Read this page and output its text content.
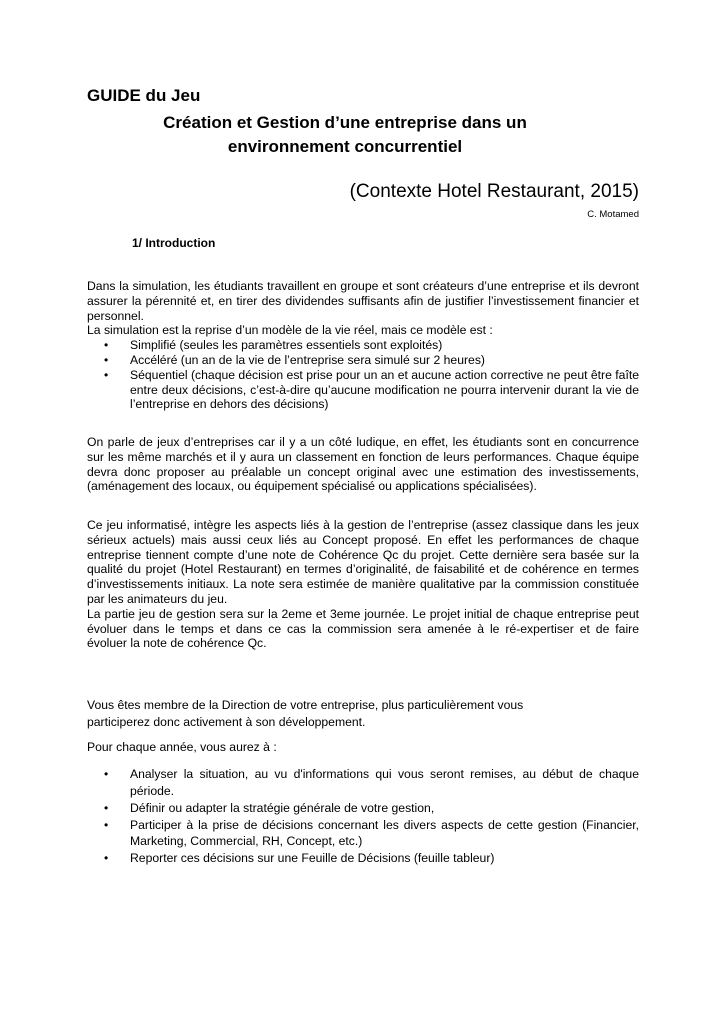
GUIDE du Jeu
Création et Gestion d’une entreprise dans un
environnement concurrentiel
(Contexte Hotel Restaurant, 2015)
C. Motamed
1/ Introduction

Dans la simulation, les étudiants travaillent en groupe et sont créateurs d’une entreprise et ils devront assurer la pérennité et, en tirer des dividendes suffisants afin de justifier l’investissement financier et personnel.

La simulation est la reprise d’un modèle de la vie réel, mais ce modèle est :

• Simplifié (seules les paramètres essentiels sont exploités)
• Accéléré (un an de la vie de l’entreprise sera simulé sur 2 heures)
• Séquentiel (chaque décision est prise pour un an et aucune action corrective ne peut être faîte entre deux décisions, c’est-à-dire qu’aucune modification ne pourra intervenir durant la vie de l’entreprise en dehors des décisions)
On parle de jeux d’entreprises car il y a un côté ludique, en effet, les étudiants sont en concurrence sur les même marchés et il y aura un classement en fonction de leurs performances. Chaque équipe devra donc proposer au préalable un concept original avec une estimation des investissements, (aménagement des locaux, ou équipement spécialisé ou applications spécialisées).

Ce jeu informatisé, intègre les aspects liés à la gestion de l’entreprise (assez classique dans les jeux sérieux actuels) mais aussi ceux liés au Concept proposé. En effet les performances de chaque entreprise tiennent compte d’une note de Cohérence Qc du projet. Cette dernière sera basée sur la qualité du projet (Hotel Restaurant) en termes d’originalité, de faisabilité et de cohérence en termes d’investissements initiaux. La note sera estimée de manière qualitative par la commission constituée par les animateurs du jeu.

La partie jeu de gestion sera sur la 2eme et 3eme journée. Le projet initial de chaque entreprise peut évoluer dans le temps et dans ce cas la commission sera amenée à le ré-expertiser et de faire évoluer la note de cohérence Qc.

Vous êtes membre de la Direction de votre entreprise, plus particulièrement vous participerez donc activement à son développement.
Pour chaque année, vous aurez à :
• Analyser la situation, au vu d'informations qui vous seront remises, au début de chaque période.
• Définir ou adapter la stratégie générale de votre gestion,
• Participer à la prise de décisions concernant les divers aspects de cette gestion (Financier, Marketing, Commercial, RH, Concept, etc.)
• Reporter ces décisions sur une Feuille de Décisions (feuille tableur)
